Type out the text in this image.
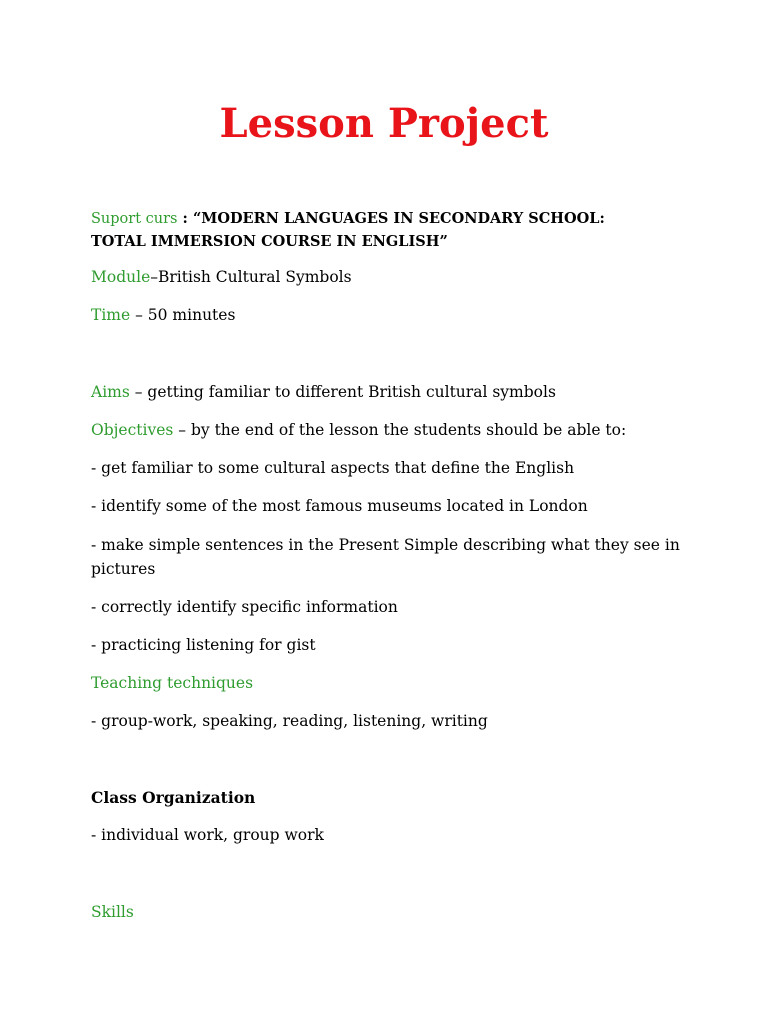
Lesson Project
Suport curs : “MODERN LANGUAGES IN SECONDARY SCHOOL:
TOTAL IMMERSION COURSE IN ENGLISH”
Module–British Cultural Symbols
Time – 50 minutes
Aims – getting familiar to different British cultural symbols
Objectives – by the end of the lesson the students should be able to:
- get familiar to some cultural aspects that define the English
- identify some of the most famous museums located in London
- make simple sentences in the Present Simple describing what they see in
pictures
- correctly identify specific information
- practicing listening for gist
Teaching techniques
- group-work, speaking, reading, listening, writing
Class Organization
- individual work, group work
Skills
